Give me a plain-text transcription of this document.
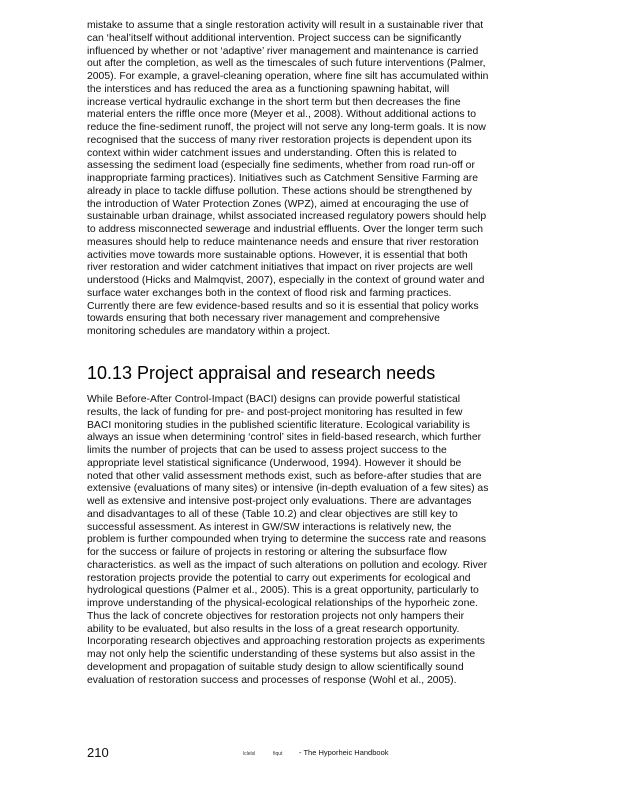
mistake to assume that a single restoration activity will result in a sustainable river that
can ‘heal’itself without additional intervention. Project success can be significantly
influenced by whether or not ‘adaptive’ river management and maintenance is carried
out after the completion, as well as the timescales of such future interventions (Palmer,
2005). For example, a gravel-cleaning operation, where fine silt has accumulated within
the interstices and has reduced the area as a functioning spawning habitat, will
increase vertical hydraulic exchange in the short term but then decreases the fine
material enters the riffle once more (Meyer et al., 2008). Without additional actions to
reduce the fine-sediment runoff, the project will not serve any long-term goals. It is now
recognised that the success of many river restoration projects is dependent upon its
context within wider catchment issues and understanding. Often this is related to
assessing the sediment load (especially fine sediments, whether from road run-off or
inappropriate farming practices). Initiatives such as Catchment Sensitive Farming are
already in place to tackle diffuse pollution. These actions should be strengthened by
the introduction of Water Protection Zones (WPZ), aimed at encouraging the use of
sustainable urban drainage, whilst associated increased regulatory powers should help
to address misconnected sewerage and industrial effluents. Over the longer term such
measures should help to reduce maintenance needs and ensure that river restoration
activities move towards more sustainable options. However, it is essential that both
river restoration and wider catchment initiatives that impact on river projects are well
understood (Hicks and Malmqvist, 2007), especially in the context of ground water and
surface water exchanges both in the context of flood risk and farming practices.
Currently there are few evidence-based results and so it is essential that policy works
towards ensuring that both necessary river management and comprehensive
monitoring schedules are mandatory within a project.

10.13 Project appraisal and research needs

While Before-After Control-Impact (BACI) designs can provide powerful statistical
results, the lack of funding for pre- and post-project monitoring has resulted in few
BACI monitoring studies in the published scientific literature. Ecological variability is
always an issue when determining ‘control’ sites in field-based research, which further
limits the number of projects that can be used to assess project success to the
appropriate level statistical significance (Underwood, 1994). However it should be
noted that other valid assessment methods exist, such as before-after studies that are
extensive (evaluations of many sites) or intensive (in-depth evaluation of a few sites) as
well as extensive and intensive post-project only evaluations. There are advantages
and disadvantages to all of these (Table 10.2) and clear objectives are still key to
successful assessment. As interest in GW/SW interactions is relatively new, the
problem is further compounded when trying to determine the success rate and reasons
for the success or failure of projects in restoring or altering the subsurface flow
characteristics. as well as the impact of such alterations on pollution and ecology. River
restoration projects provide the potential to carry out experiments for ecological and
hydrological questions (Palmer et al., 2005). This is a great opportunity, particularly to
improve understanding of the physical-ecological relationships of the hyporheic zone.
Thus the lack of concrete objectives for restoration projects not only hampers their
ability to be evaluated, but also results in the loss of a great research opportunity.
Incorporating research objectives and approaching restoration projects as experiments
may not only help the scientific understanding of these systems but also assist in the
development and propagation of suitable study design to allow scientifically sound
evaluation of restoration success and processes of response (Wohl et al., 2005).

210	lclelsl	fiqut - The Hyporheic Handbook
